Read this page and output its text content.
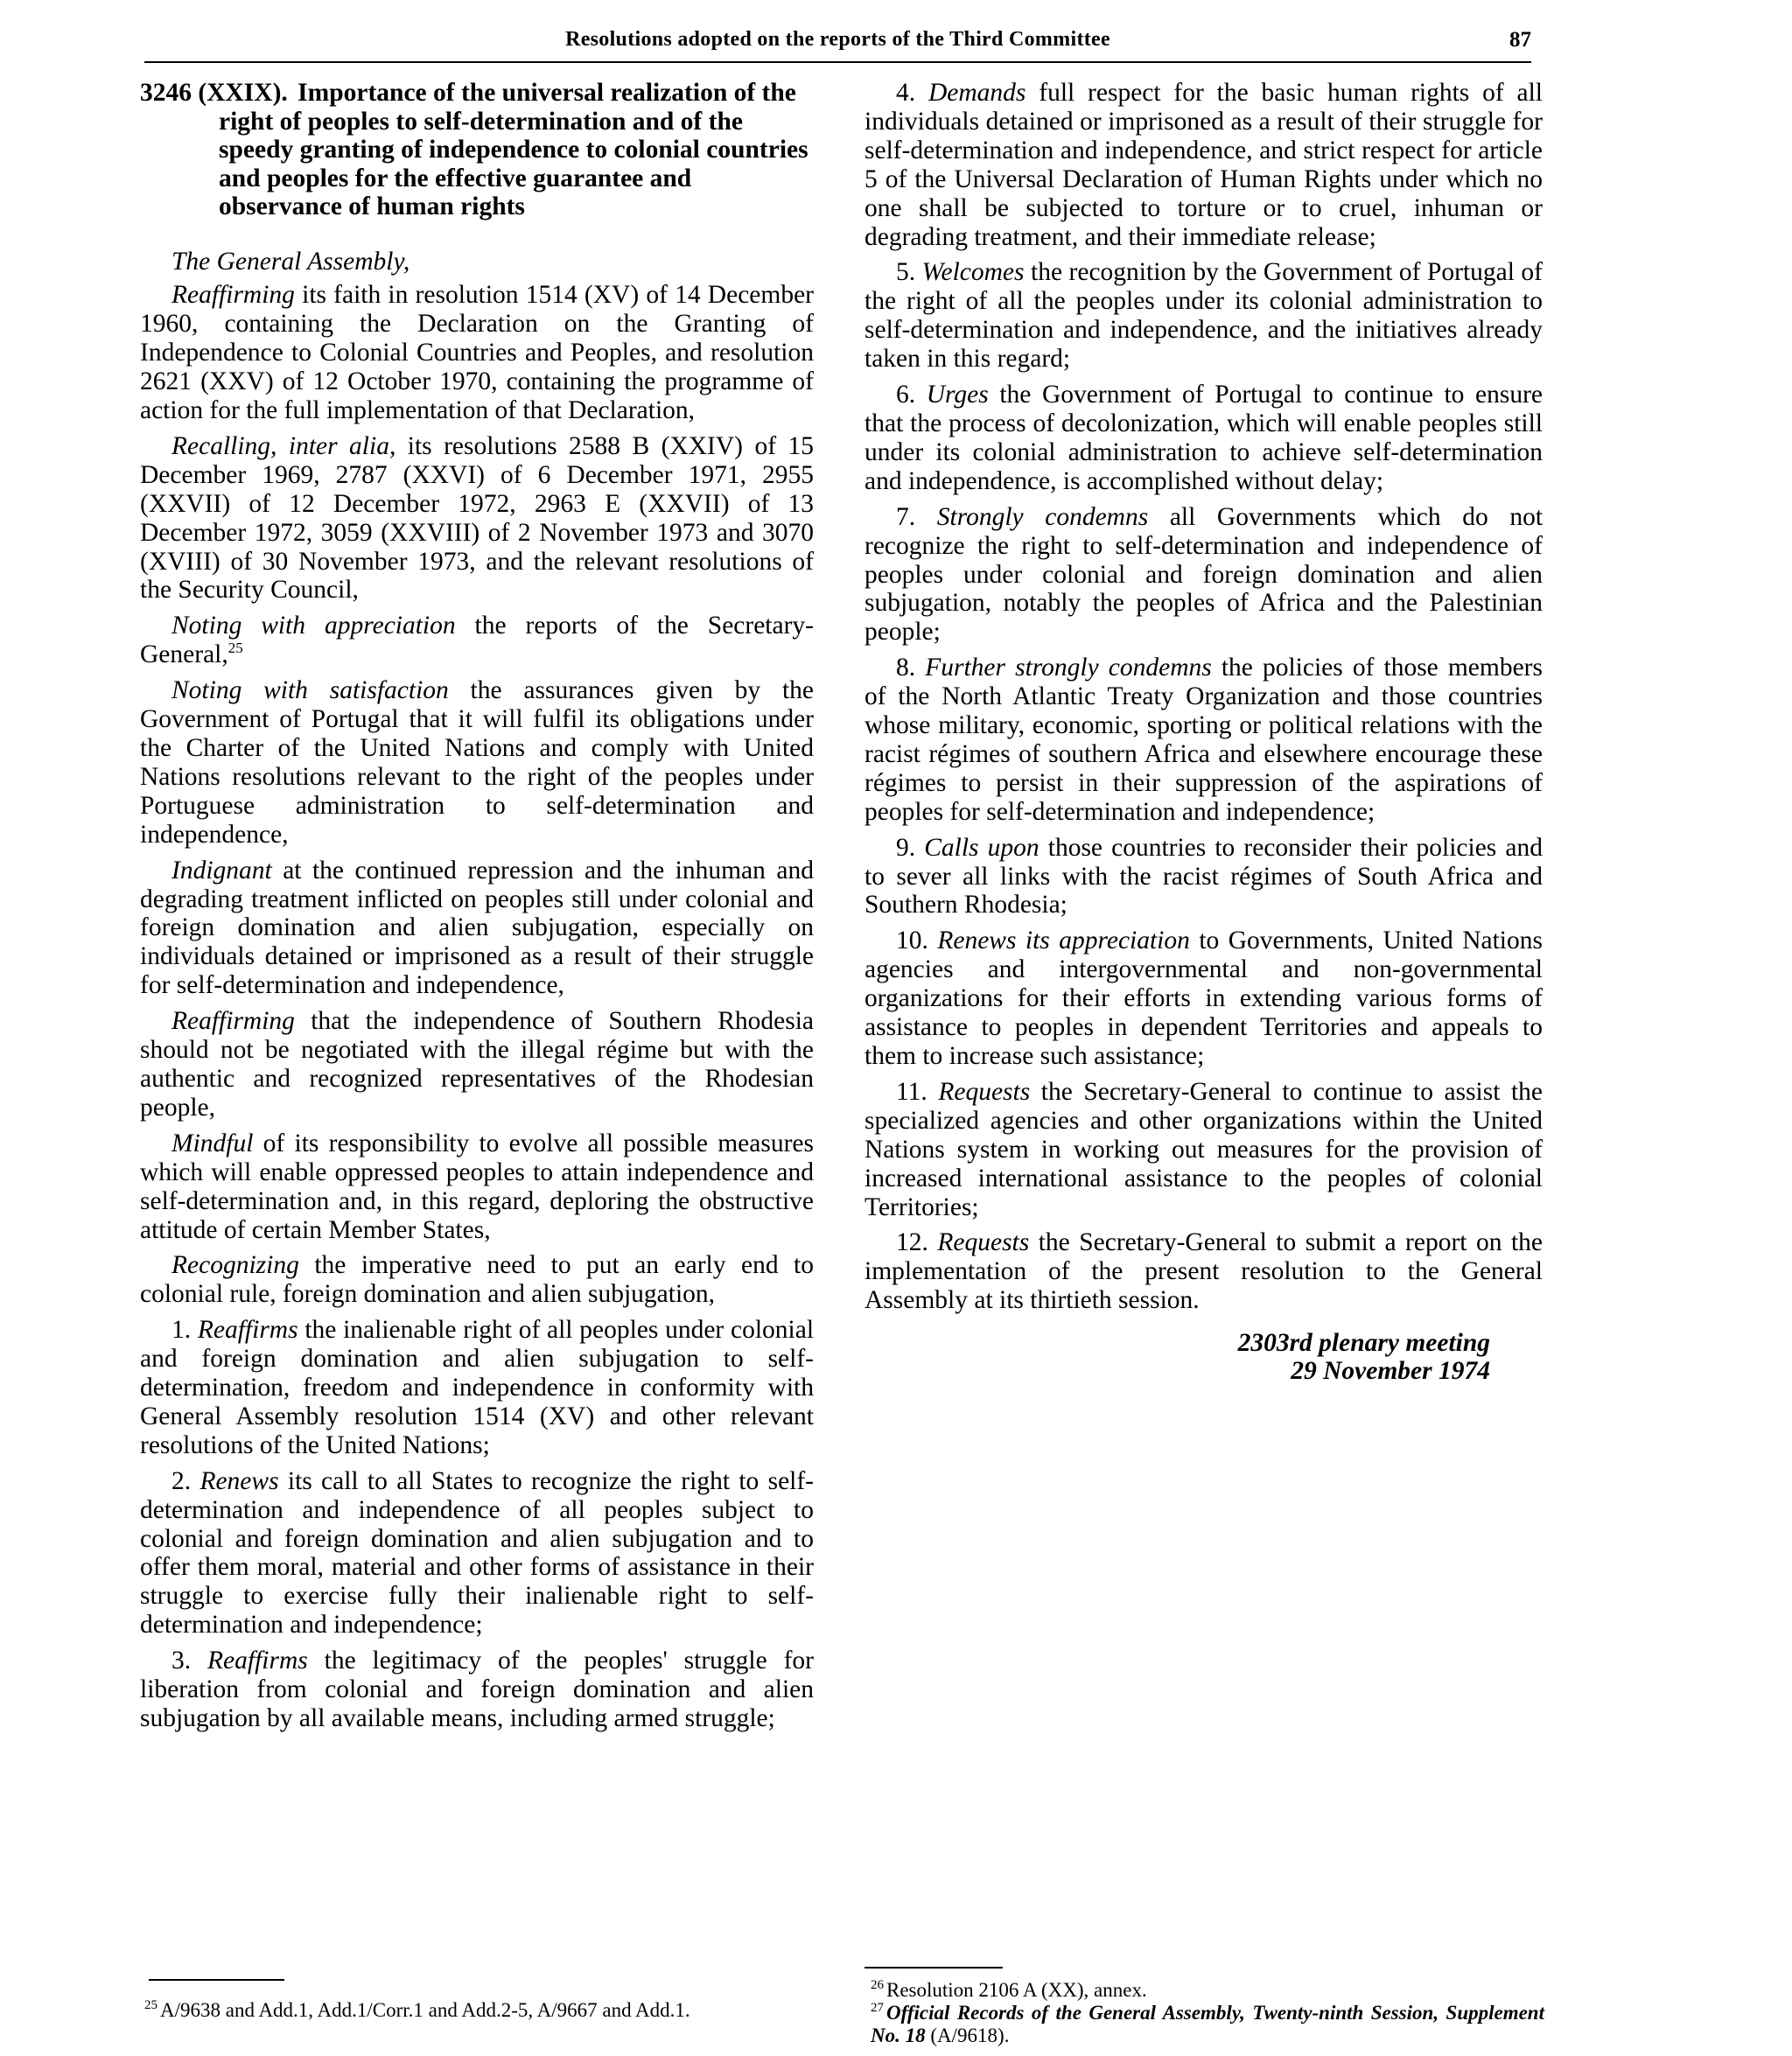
Resolutions adopted on the reports of the Third Committee	87
3246 (XXIX). Importance of the universal realization of the right of peoples to self-determination and of the speedy granting of independence to colonial countries and peoples for the effective guarantee and observance of human rights

The General Assembly,

Reaffirming its faith in resolution 1514 (XV) of 14 December 1960, containing the Declaration on the Granting of Independence to Colonial Countries and Peoples, and resolution 2621 (XXV) of 12 October 1970, containing the programme of action for the full implementation of that Declaration,

Recalling, inter alia, its resolutions 2588 B (XXIV) of 15 December 1969, 2787 (XXVI) of 6 December 1971, 2955 (XXVII) of 12 December 1972, 2963 E (XXVII) of 13 December 1972, 3059 (XXVIII) of 2 November 1973 and 3070 (XVIII) of 30 November 1973, and the relevant resolutions of the Security Council,

Noting with appreciation the reports of the Secretary-General,$^{25}$

Noting with satisfaction the assurances given by the Government of Portugal that it will fulfil its obligations under the Charter of the United Nations and comply with United Nations resolutions relevant to the right of the peoples under Portuguese administration to self-determination and independence,

Indignant at the continued repression and the inhuman and degrading treatment inflicted on peoples still under colonial and foreign domination and alien subjugation, especially on individuals detained or imprisoned as a result of their struggle for self-determination and independence,

Reaffirming that the independence of Southern Rhodesia should not be negotiated with the illegal régime but with the authentic and recognized representatives of the Rhodesian people,

Mindful of its responsibility to evolve all possible measures which will enable oppressed peoples to attain independence and self-determination and, in this regard, deploring the obstructive attitude of certain Member States,

Recognizing the imperative need to put an early end to colonial rule, foreign domination and alien subjugation,

1. Reaffirms the inalienable right of all peoples under colonial and foreign domination and alien subjugation to self-determination, freedom and independence in conformity with General Assembly resolution 1514 (XV) and other relevant resolutions of the United Nations;

2. Renews its call to all States to recognize the right to self-determination and independence of all peoples subject to colonial and foreign domination and alien subjugation and to offer them moral, material and other forms of assistance in their struggle to exercise fully their inalienable right to self-determination and independence;

3. Reaffirms the legitimacy of the peoples' struggle for liberation from colonial and foreign domination and alien subjugation by all available means, including armed struggle;

4. Demands full respect for the basic human rights of all individuals detained or imprisoned as a result of their struggle for self-determination and independence, and strict respect for article 5 of the Universal Declaration of Human Rights under which no one shall be subjected to torture or to cruel, inhuman or degrading treatment, and their immediate release;

5. Welcomes the recognition by the Government of Portugal of the right of all the peoples under its colonial administration to self-determination and independence, and the initiatives already taken in this regard;

6. Urges the Government of Portugal to continue to ensure that the process of decolonization, which will enable peoples still under its colonial administration to achieve self-determination and independence, is accomplished without delay;

7. Strongly condemns all Governments which do not recognize the right to self-determination and independence of peoples under colonial and foreign domination and alien subjugation, notably the peoples of Africa and the Palestinian people;

8. Further strongly condemns the policies of those members of the North Atlantic Treaty Organization and those countries whose military, economic, sporting or political relations with the racist régimes of southern Africa and elsewhere encourage these régimes to persist in their suppression of the aspirations of peoples for self-determination and independence;

9. Calls upon those countries to reconsider their policies and to sever all links with the racist régimes of South Africa and Southern Rhodesia;

10. Renews its appreciation to Governments, United Nations agencies and intergovernmental and non-governmental organizations for their efforts in extending various forms of assistance to peoples in dependent Territories and appeals to them to increase such assistance;

11. Requests the Secretary-General to continue to assist the specialized agencies and other organizations within the United Nations system in working out measures for the provision of increased international assistance to the peoples of colonial Territories;

12. Requests the Secretary-General to submit a report on the implementation of the present resolution to the General Assembly at its thirtieth session.

2303rd plenary meeting
29 November 1974

$^{25}$ A/9638 and Add.1, Add.1/Corr.1 and Add.2-5, A/9667 and Add.1.

$^{26}$ Resolution 2106 A (XX), annex.

$^{27}$ Official Records of the General Assembly, Twenty-ninth Session, Supplement No. 18 (A/9618).
